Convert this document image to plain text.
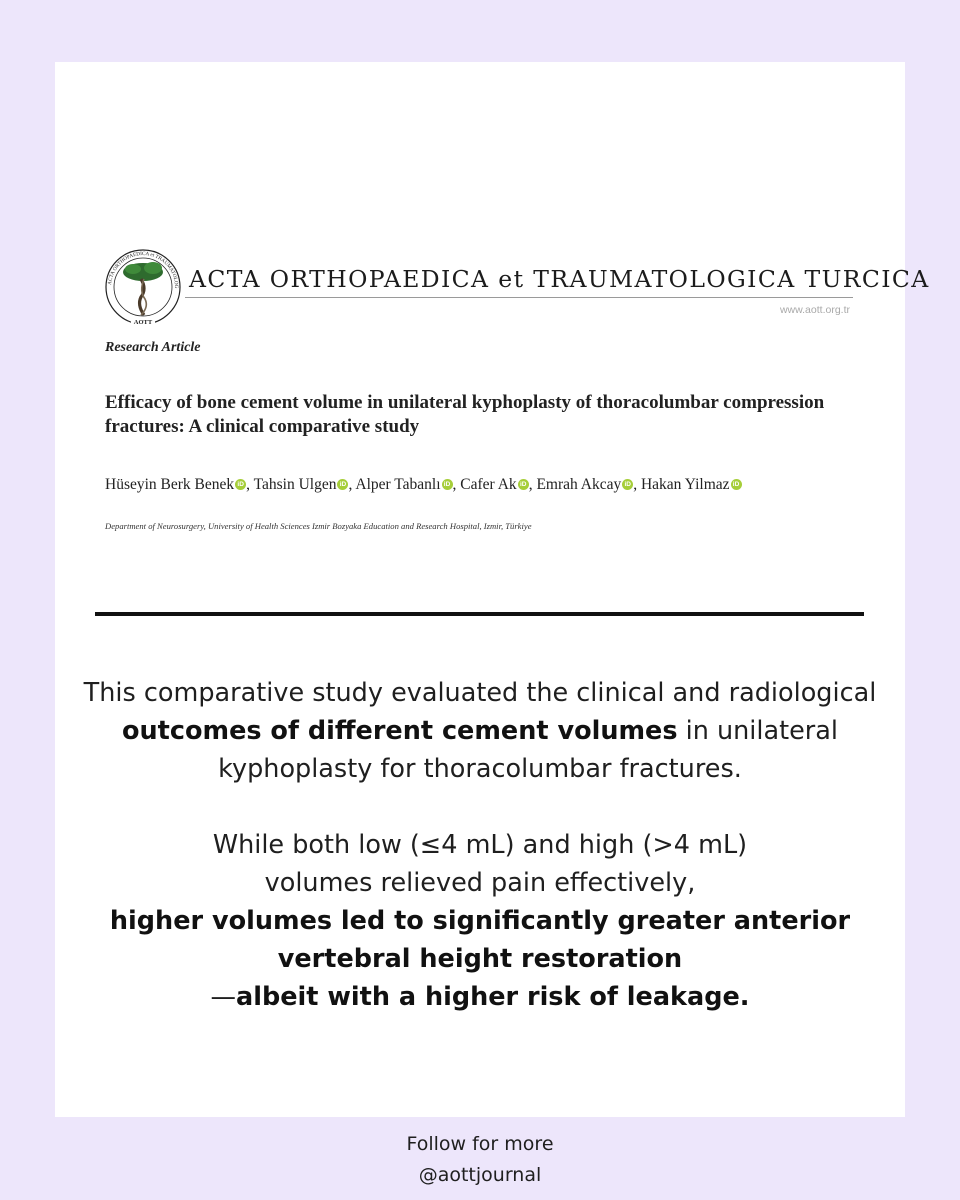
ACTA ORTHOPAEDICA et TRAUMATOLOG
AOTT
ACTA ORTHOPAEDICA et TRAUMATOLOGICA TURCICA
www.aott.org.tr
Research Article
Efficacy of bone cement volume in unilateral kyphoplasty of thoracolumbar compression fractures: A clinical comparative study
Hüseyin Berk Benek iD , Tahsin Ulgen iD , Alper Tabanlı iD , Cafer Ak iD , Emrah Akcay iD , Hakan Yilmaz iD
Department of Neurosurgery, University of Health Sciences Izmir Bozyaka Education and Research Hospital, Izmir, Türkiye

This comparative study evaluated the clinical and radiological outcomes of different cement volumes in unilateral kyphoplasty for thoracolumbar fractures.

While both low (≤4 mL) and high (>4 mL)
volumes relieved pain effectively,
higher volumes led to significantly greater anterior
vertebral height restoration
—albeit with a higher risk of leakage.

Follow for more
@aottjournal
